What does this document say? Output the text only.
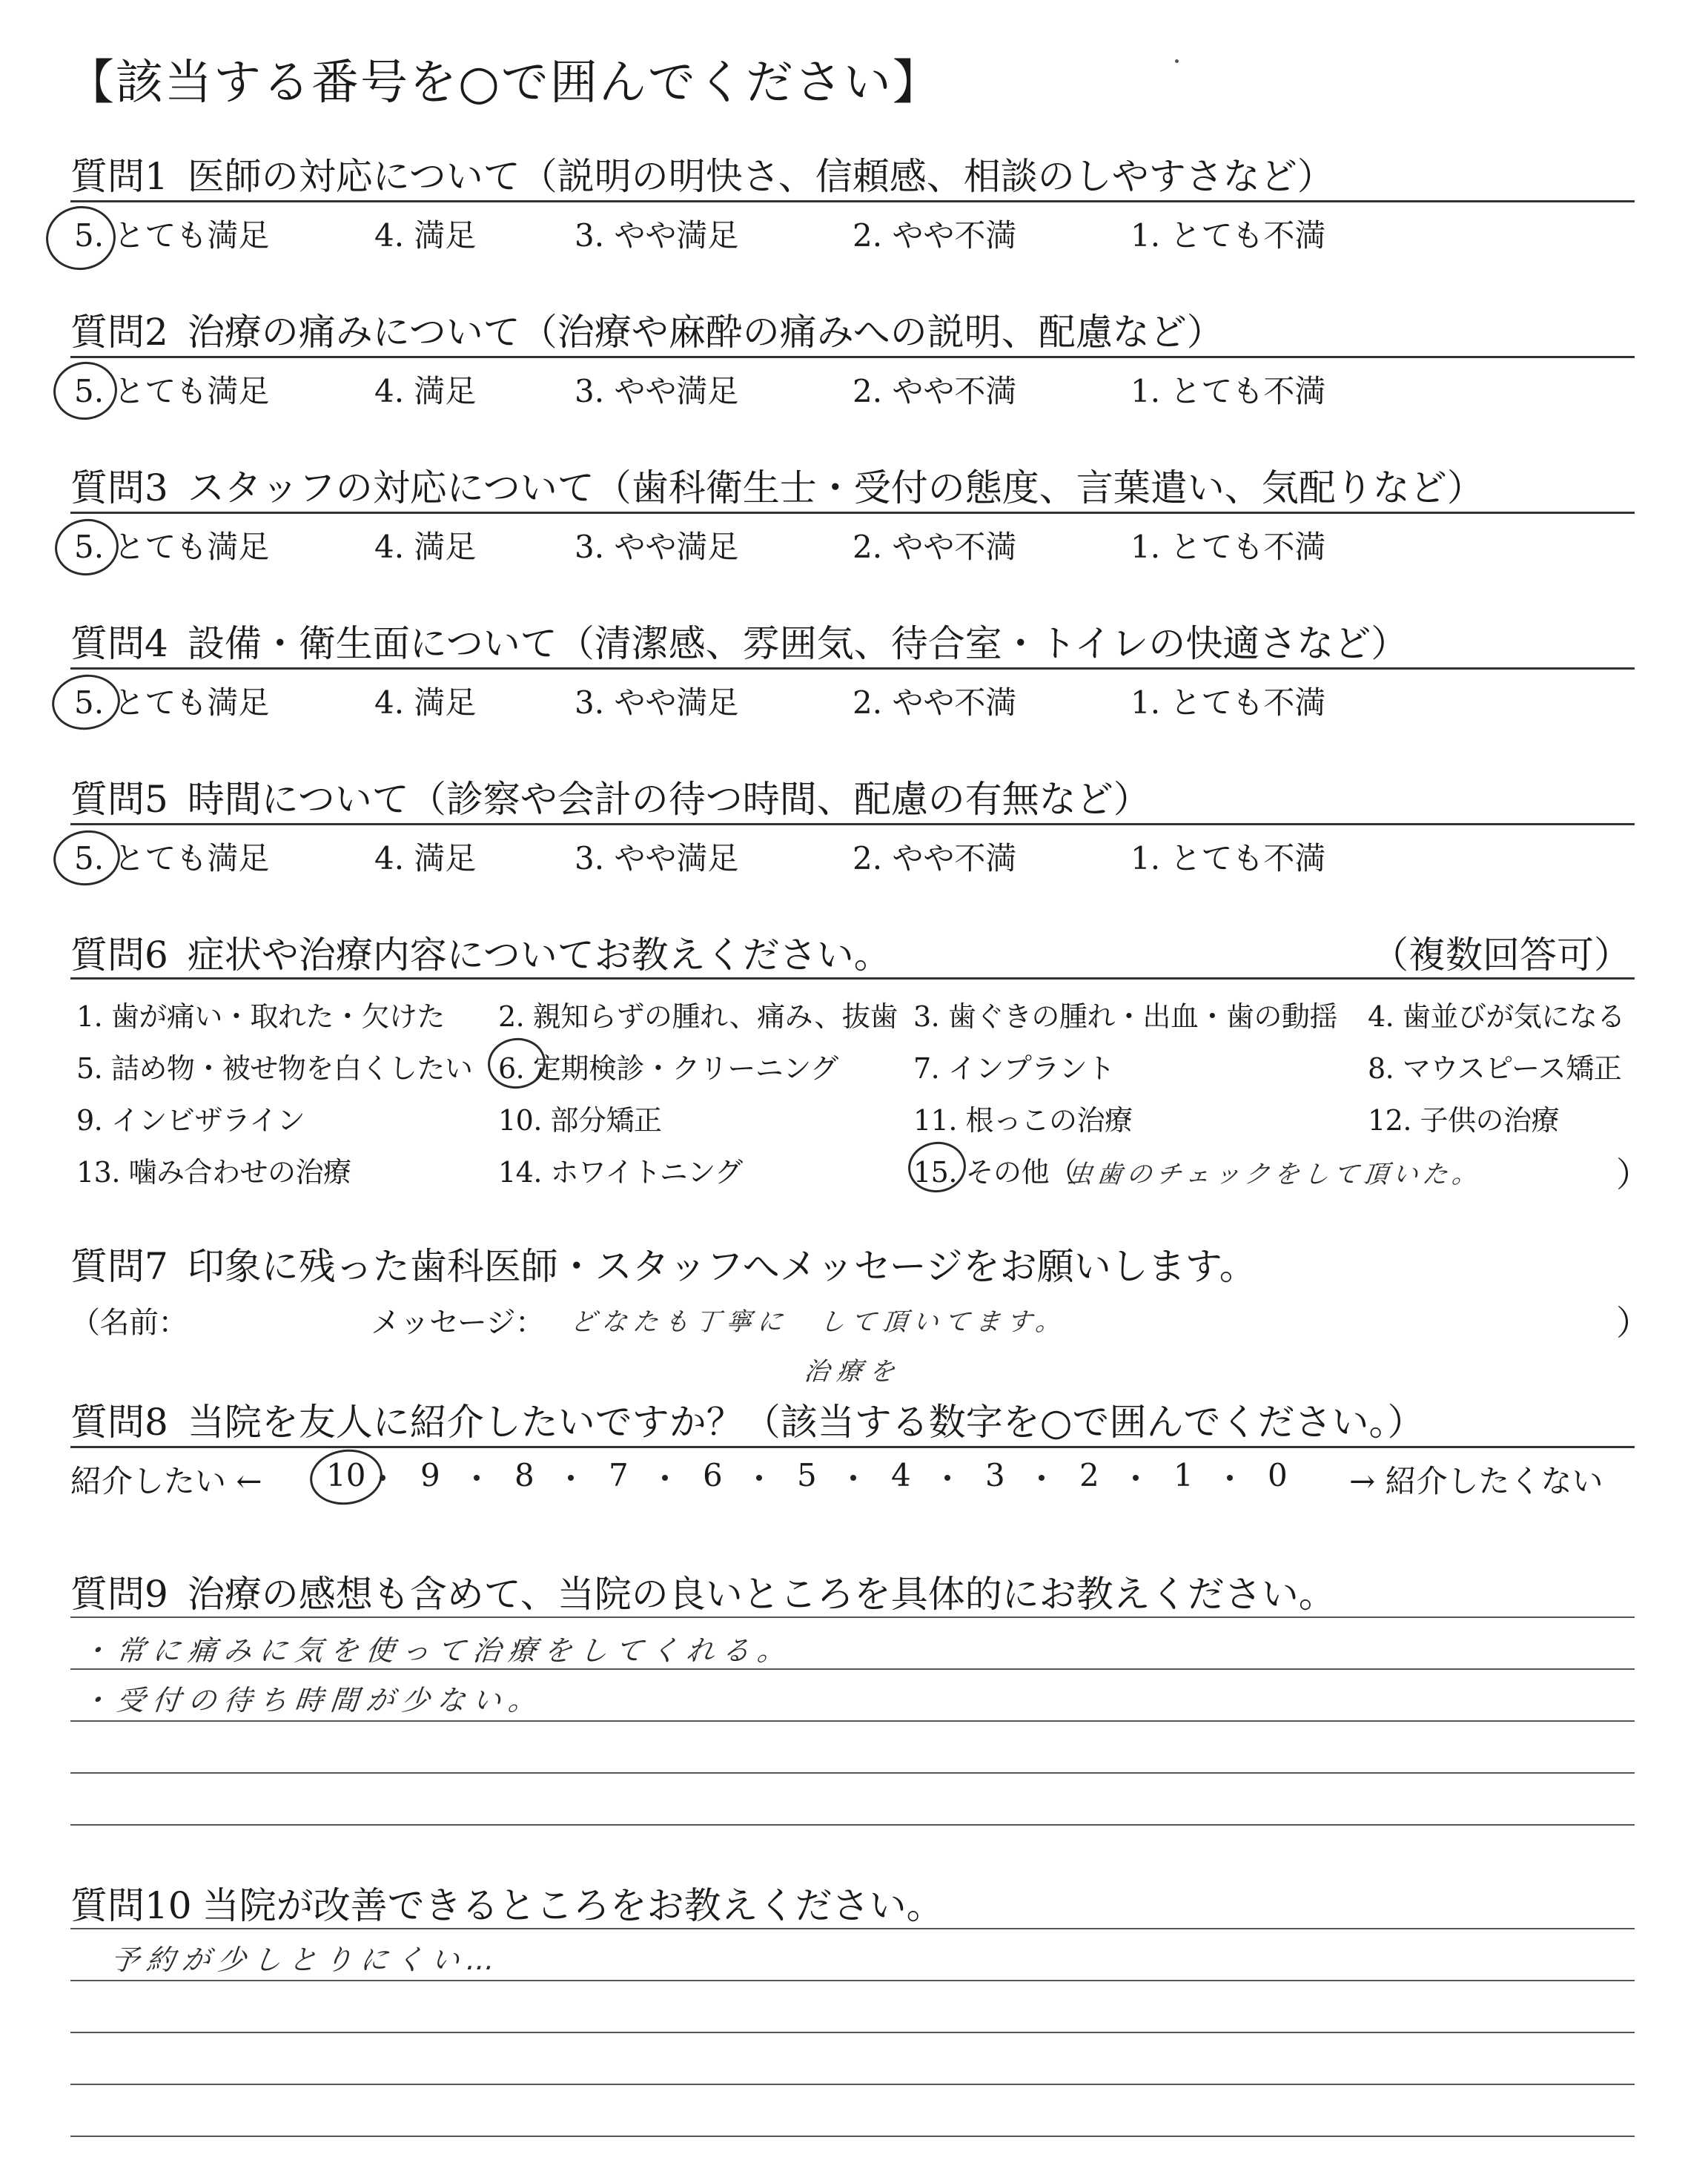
【該当する番号を○で囲んでください】
質問1 医師の対応について（説明の明快さ、信頼感、相談のしやすさなど）
5. とても満足	4. 満足	3. やや満足	2. やや不満	1. とても不満
質問2 治療の痛みについて（治療や麻酔の痛みへの説明、配慮など）
5. とても満足	4. 満足	3. やや満足	2. やや不満	1. とても不満
質問3 スタッフの対応について（歯科衛生士・受付の態度、言葉遣い、気配りなど）
5. とても満足	4. 満足	3. やや満足	2. やや不満	1. とても不満
質問4 設備・衛生面について（清潔感、雰囲気、待合室・トイレの快適さなど）
5. とても満足	4. 満足	3. やや満足	2. やや不満	1. とても不満
質問5 時間について（診察や会計の待つ時間、配慮の有無など）
5. とても満足	4. 満足	3. やや満足	2. やや不満	1. とても不満
質問6 症状や治療内容についてお教えください。	（複数回答可）
1. 歯が痛い・取れた・欠けた 2. 親知らずの腫れ、痛み、抜歯 3. 歯ぐきの腫れ・出血・歯の動揺 4. 歯並びが気になる
5. 詰め物・被せ物を白くしたい 6. 定期検診・クリーニング	7. インプラント	8. マウスピース矯正
9. インビザライン	10. 部分矯正	11. 根っこの治療	12. 子供の治療
13. 噛み合わせの治療	14. ホワイトニング	15. その他（
虫歯のチェックをして頂いた。	）
質問7 印象に残った歯科医師・スタッフへメッセージをお願いします。
（名前：	メッセージ： どなたも丁寧に　して頂いてます。
治療を
）
質問8 当院を友人に紹介したいですか？（該当する数字を○で囲んでください。）
紹介したい ←	→ 紹介したくない
10 9 8 7 6 5 4 3 2 1 0
質問9 治療の感想も含めて、当院の良いところを具体的にお教えください。
・常に痛みに気を使って治療をしてくれる。
・受付の待ち時間が少ない。
質問10 当院が改善できるところをお教えください。
予約が少しとりにくい…
